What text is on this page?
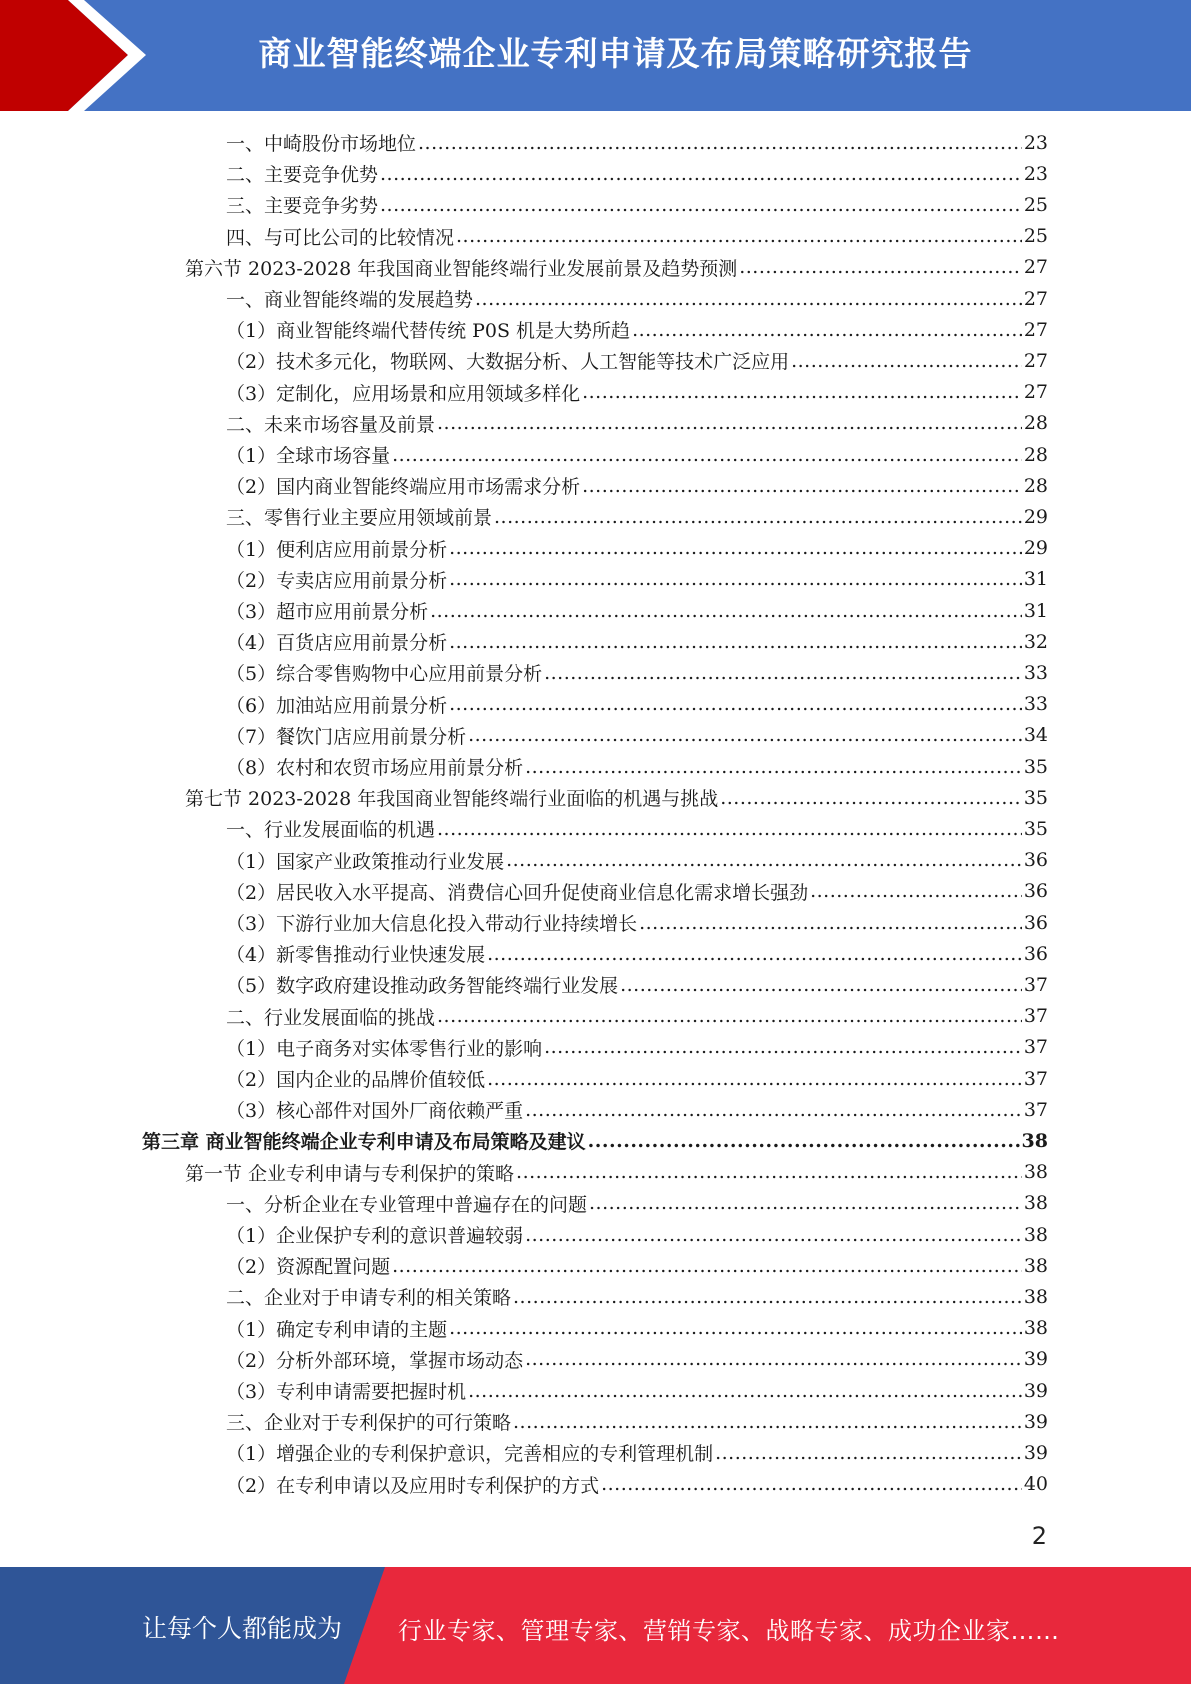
商业智能终端企业专利申请及布局策略研究报告
一、中崎股份市场地位 .....	23
二、主要竞争优势 .....	23
三、主要竞争劣势 .....	25
四、与可比公司的比较情况 .....	25
第六节 2023-2028 年我国商业智能终端行业发展前景及趋势预测 .....	27
一、商业智能终端的发展趋势 .....	27
（1）商业智能终端代替传统 P0S 机是大势所趋 .....	27
（2）技术多元化，物联网、大数据分析、人工智能等技术广泛应用 .....	27
（3）定制化，应用场景和应用领域多样化 .....	27
二、未来市场容量及前景 .....	28
（1）全球市场容量 .....	28
（2）国内商业智能终端应用市场需求分析 .....	28
三、零售行业主要应用领域前景 .....	29
（1）便利店应用前景分析 .....	29
（2）专卖店应用前景分析 .....	31
（3）超市应用前景分析 .....	31
（4）百货店应用前景分析 .....	32
（5）综合零售购物中心应用前景分析 .....	33
（6）加油站应用前景分析 .....	33
（7）餐饮门店应用前景分析 .....	34
（8）农村和农贸市场应用前景分析 .....	35
第七节 2023-2028 年我国商业智能终端行业面临的机遇与挑战 .....	35
一、行业发展面临的机遇 .....	35
（1）国家产业政策推动行业发展 .....	36
（2）居民收入水平提高、消费信心回升促使商业信息化需求增长强劲 .....	36
（3）下游行业加大信息化投入带动行业持续增长 .....	36
（4）新零售推动行业快速发展 .....	36
（5）数字政府建设推动政务智能终端行业发展 .....	37
二、行业发展面临的挑战 .....	37
（1）电子商务对实体零售行业的影响 .....	37
（2）国内企业的品牌价值较低 .....	37
（3）核心部件对国外厂商依赖严重 .....	37
第三章 商业智能终端企业专利申请及布局策略及建议 .....	38
第一节 企业专利申请与专利保护的策略 .....	38
一、分析企业在专业管理中普遍存在的问题 .....	38
（1）企业保护专利的意识普遍较弱 .....	38
（2）资源配置问题 .....	38
二、企业对于申请专利的相关策略 .....	38
（1）确定专利申请的主题 .....	38
（2）分析外部环境，掌握市场动态 .....	39
（3）专利申请需要把握时机 .....	39
三、企业对于专利保护的可行策略 .....	39
（1）增强企业的专利保护意识，完善相应的专利管理机制 .....	39
（2）在专利申请以及应用时专利保护的方式 .....	40
2
让每个人都能成为 行业专家、管理专家、营销专家、战略专家、成功企业家……
